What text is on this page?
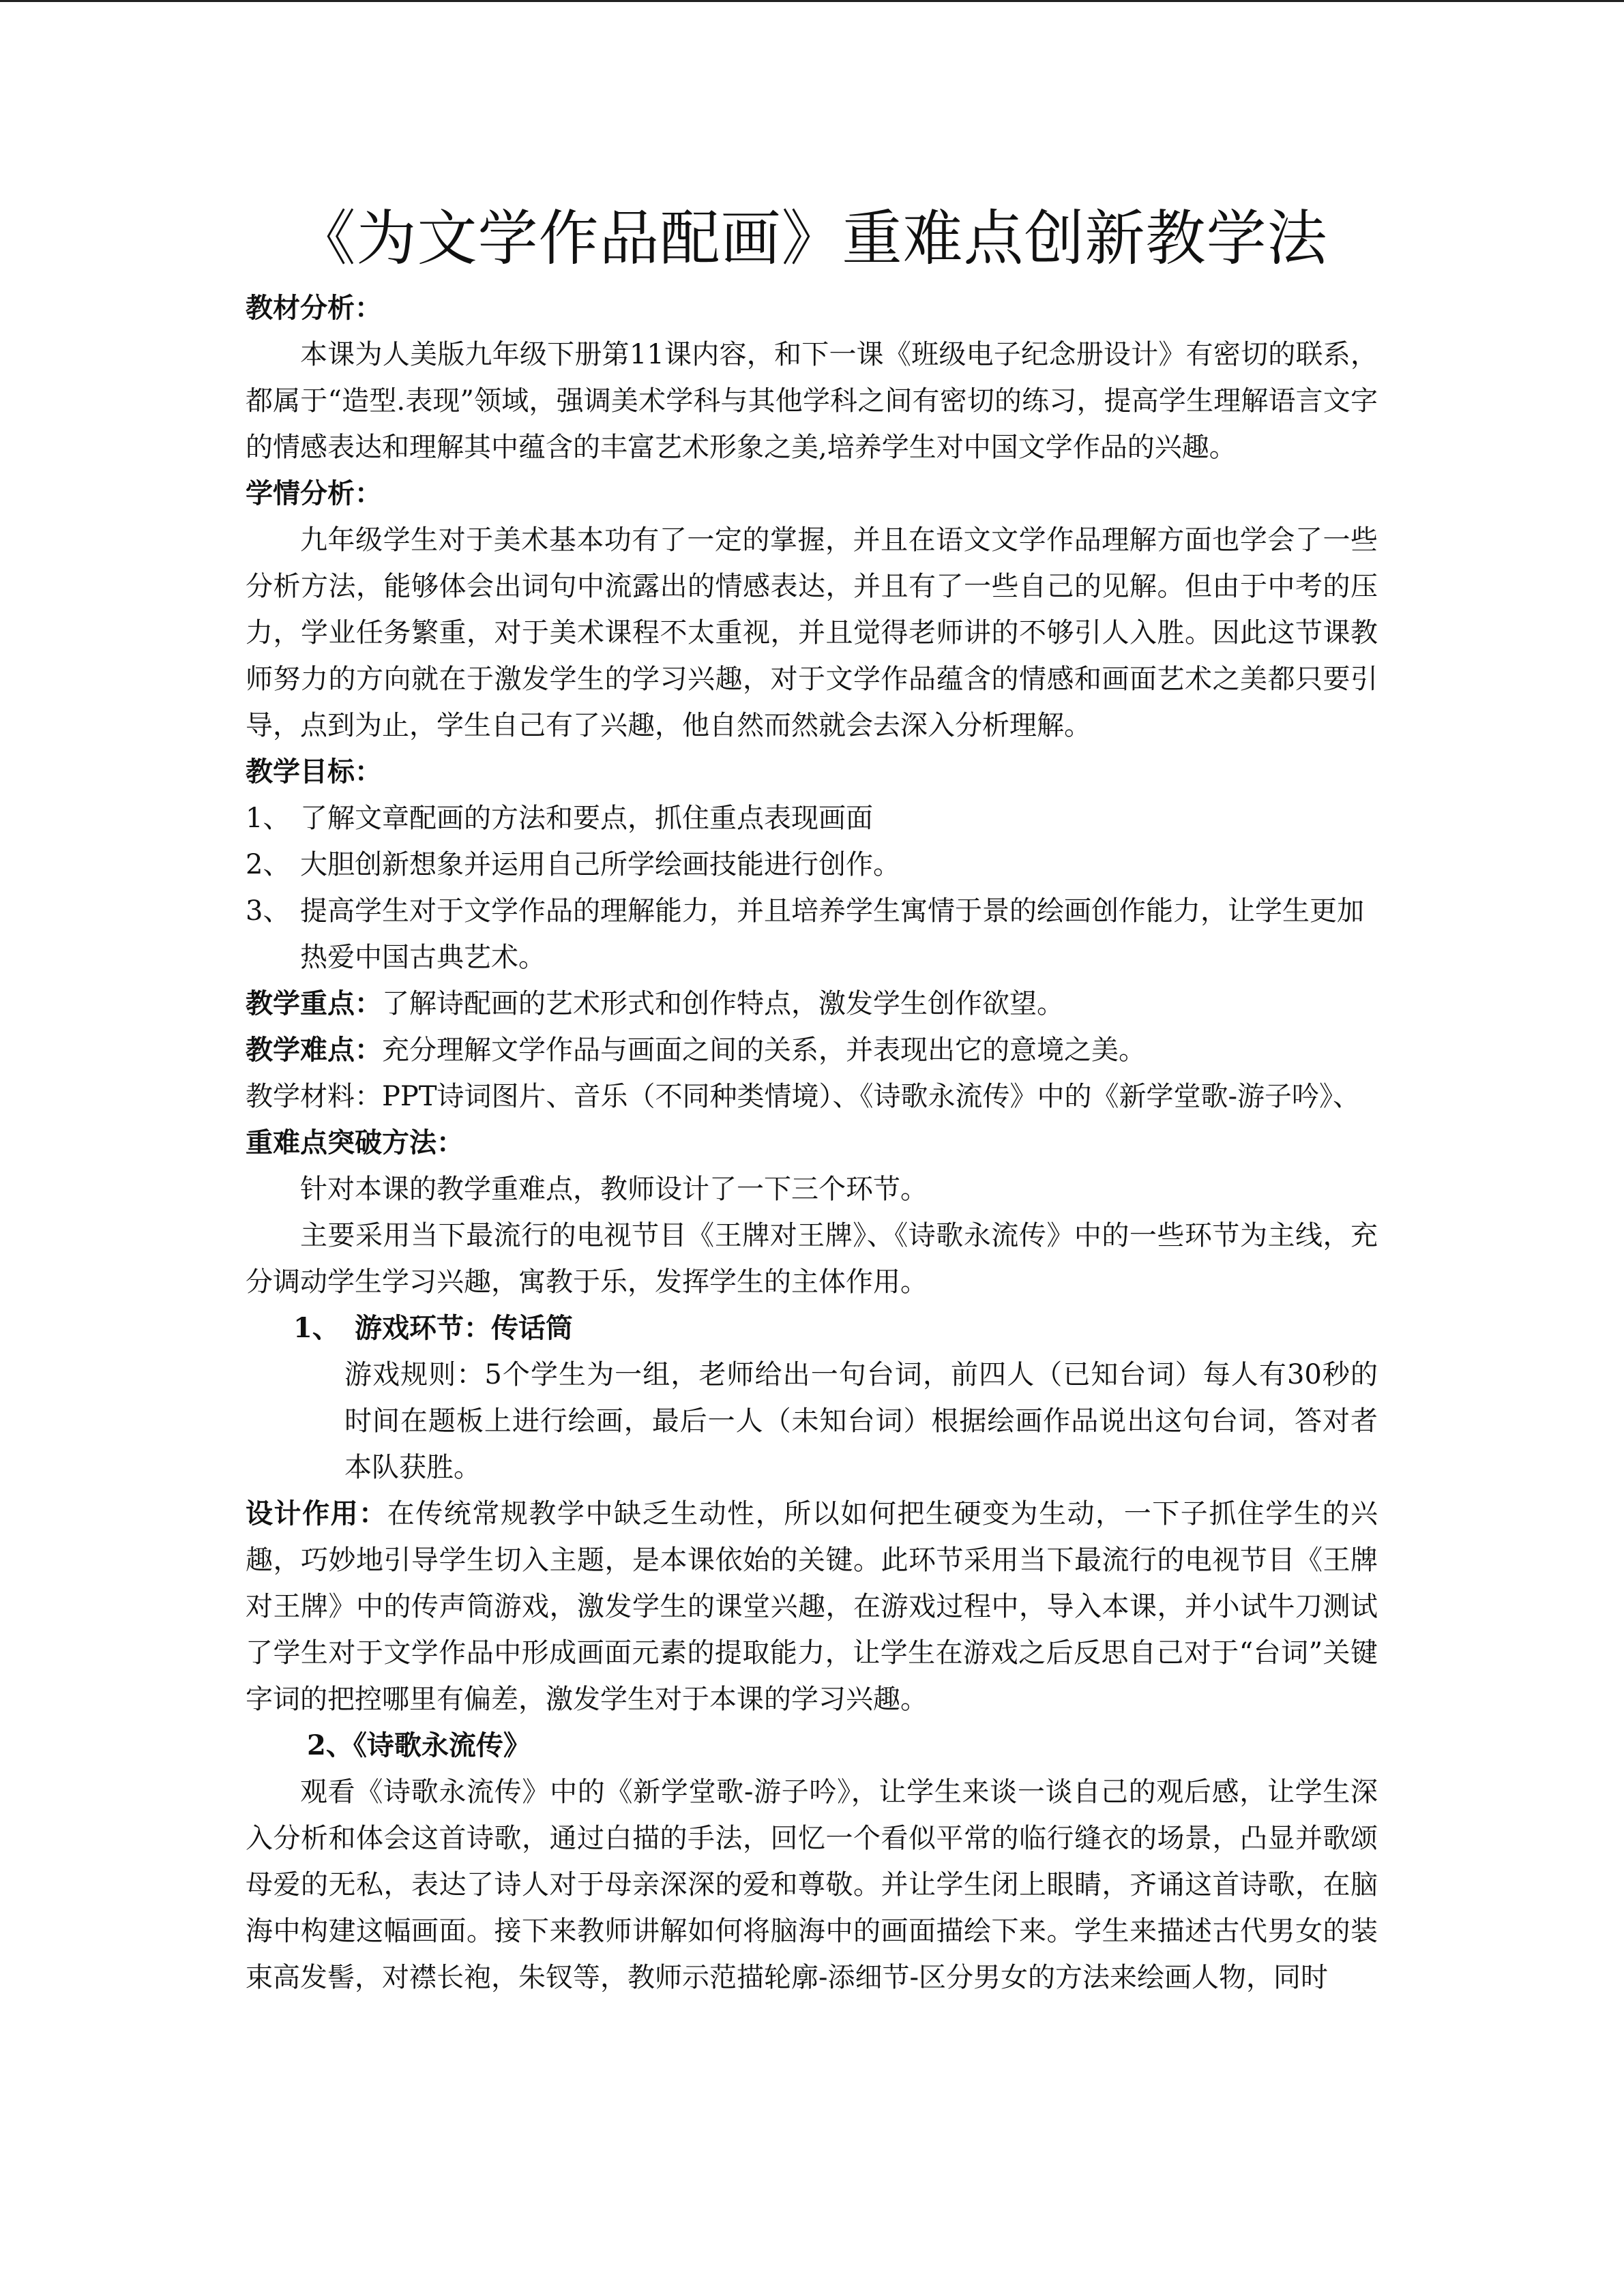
《为文学作品配画》重难点创新教学法
教材分析：
本课为人美版九年级下册第11课内容，和下一课《班级电子纪念册设计》有密切的联系，都属于“造型.表现”领域，强调美术学科与其他学科之间有密切的练习，提高学生理解语言文字的情感表达和理解其中蕴含的丰富艺术形象之美,培养学生对中国文学作品的兴趣。
学情分析：
九年级学生对于美术基本功有了一定的掌握，并且在语文文学作品理解方面也学会了一些分析方法，能够体会出词句中流露出的情感表达，并且有了一些自己的见解。但由于中考的压力，学业任务繁重，对于美术课程不太重视，并且觉得老师讲的不够引人入胜。因此这节课教师努力的方向就在于激发学生的学习兴趣，对于文学作品蕴含的情感和画面艺术之美都只要引导，点到为止，学生自己有了兴趣，他自然而然就会去深入分析理解。
教学目标：
1、 了解文章配画的方法和要点，抓住重点表现画面
2、 大胆创新想象并运用自己所学绘画技能进行创作。
3、 提高学生对于文学作品的理解能力，并且培养学生寓情于景的绘画创作能力，让学生更加热爱中国古典艺术。
教学重点：了解诗配画的艺术形式和创作特点，激发学生创作欲望。
教学难点：充分理解文学作品与画面之间的关系，并表现出它的意境之美。
教学材料：PPT诗词图片、音乐（不同种类情境）、《诗歌永流传》中的《新学堂歌-游子吟》、
重难点突破方法：
针对本课的教学重难点，教师设计了一下三个环节。
主要采用当下最流行的电视节目《王牌对王牌》、《诗歌永流传》中的一些环节为主线，充分调动学生学习兴趣，寓教于乐，发挥学生的主体作用。
1、 游戏环节：传话筒
游戏规则：5个学生为一组，老师给出一句台词，前四人（已知台词）每人有30秒的时间在题板上进行绘画，最后一人（未知台词）根据绘画作品说出这句台词，答对者本队获胜。
设计作用：在传统常规教学中缺乏生动性，所以如何把生硬变为生动，一下子抓住学生的兴趣，巧妙地引导学生切入主题，是本课依始的关键。此环节采用当下最流行的电视节目《王牌对王牌》中的传声筒游戏，激发学生的课堂兴趣，在游戏过程中，导入本课，并小试牛刀测试了学生对于文学作品中形成画面元素的提取能力，让学生在游戏之后反思自己对于“台词”关键字词的把控哪里有偏差，激发学生对于本课的学习兴趣。
2、《诗歌永流传》
观看《诗歌永流传》中的《新学堂歌-游子吟》，让学生来谈一谈自己的观后感，让学生深入分析和体会这首诗歌，通过白描的手法，回忆一个看似平常的临行缝衣的场景，凸显并歌颂母爱的无私，表达了诗人对于母亲深深的爱和尊敬。并让学生闭上眼睛，齐诵这首诗歌，在脑海中构建这幅画面。接下来教师讲解如何将脑海中的画面描绘下来。学生来描述古代男女的装束高发髻，对襟长袍，朱钗等，教师示范描轮廓-添细节-区分男女的方法来绘画人物，同时
